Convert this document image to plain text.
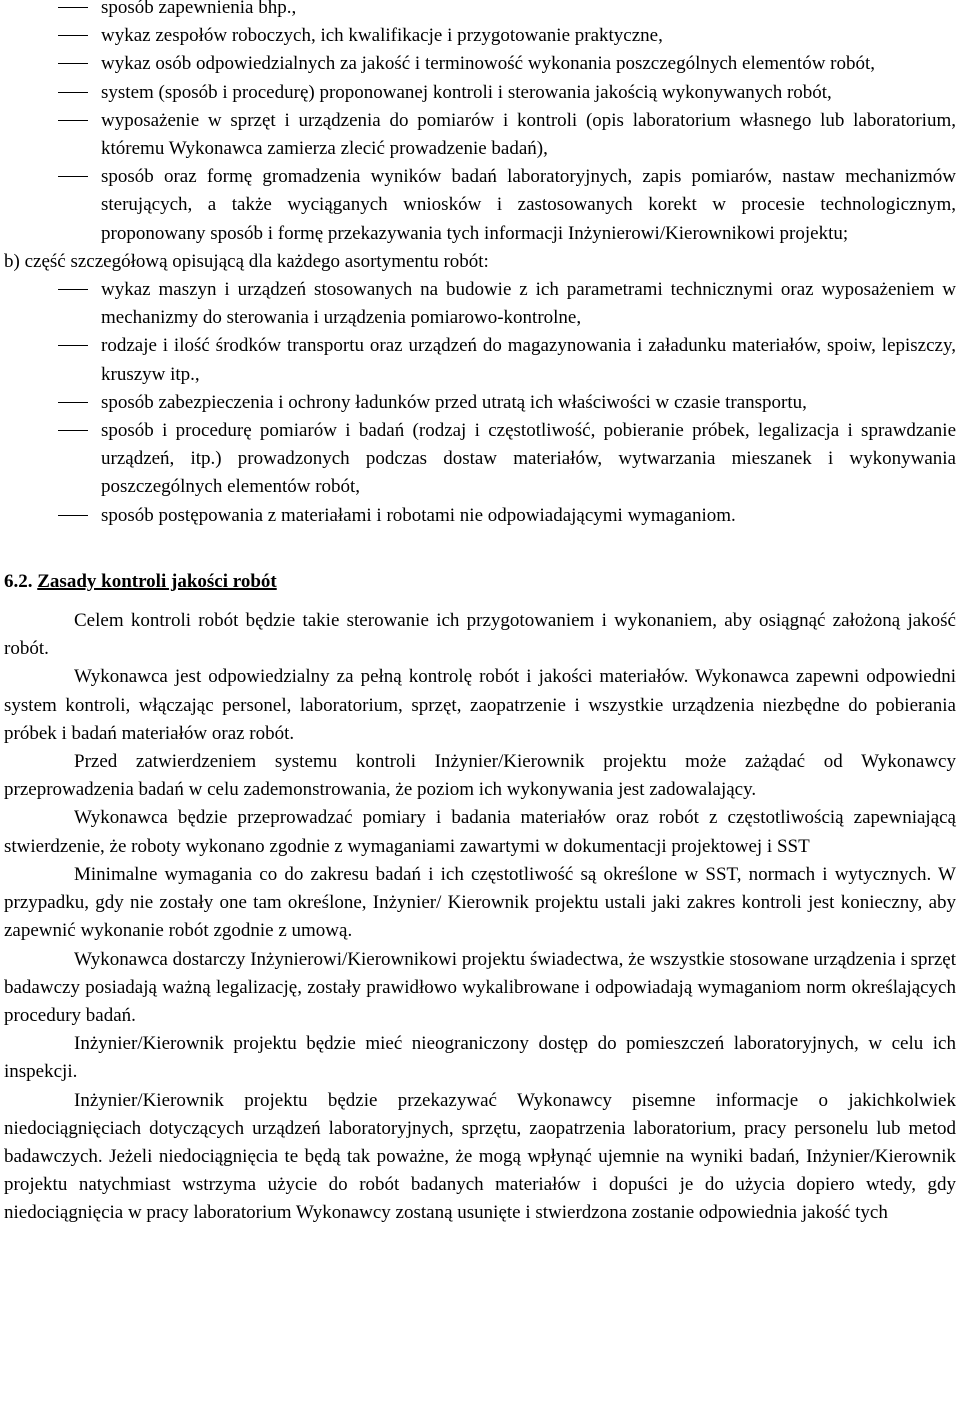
sposób zapewnienia bhp.,
wykaz zespołów roboczych, ich kwalifikacje i przygotowanie praktyczne,
wykaz osób odpowiedzialnych za jakość i terminowość wykonania poszczególnych elementów robót,
system (sposób i procedurę) proponowanej kontroli i sterowania jakością wykonywanych robót,
wyposażenie w sprzęt i urządzenia do pomiarów i kontroli (opis laboratorium własnego lub laboratorium, któremu Wykonawca zamierza zlecić prowadzenie badań),
sposób oraz formę gromadzenia wyników badań laboratoryjnych, zapis pomiarów, nastaw mechanizmów sterujących, a także wyciąganych wniosków i zastosowanych korekt w procesie technologicznym, proponowany sposób i formę przekazywania tych informacji Inżynierowi/Kierownikowi projektu;
b) część szczegółową opisującą dla każdego asortymentu robót:
wykaz maszyn i urządzeń stosowanych na budowie z ich parametrami technicznymi oraz wyposażeniem w mechanizmy do sterowania i urządzenia pomiarowo-kontrolne,
rodzaje i ilość środków transportu oraz urządzeń do magazynowania i załadunku materiałów, spoiw, lepiszczy, kruszyw itp.,
sposób zabezpieczenia i ochrony ładunków przed utratą ich właściwości w czasie transportu,
sposób i procedurę pomiarów i badań (rodzaj i częstotliwość, pobieranie próbek, legalizacja i sprawdzanie urządzeń, itp.) prowadzonych podczas dostaw materiałów, wytwarzania mieszanek i wykonywania poszczególnych elementów robót,
sposób postępowania z materiałami i robotami nie odpowiadającymi wymaganiom.
6.2. Zasady kontroli jakości robót

Celem kontroli robót będzie takie sterowanie ich przygotowaniem i wykonaniem, aby osiągnąć założoną jakość robót.

Wykonawca jest odpowiedzialny za pełną kontrolę robót i jakości materiałów. Wykonawca zapewni odpowiedni system kontroli, włączając personel, laboratorium, sprzęt, zaopatrzenie i wszystkie urządzenia niezbędne do pobierania próbek i badań materiałów oraz robót.

Przed zatwierdzeniem systemu kontroli Inżynier/Kierownik projektu może zażądać od Wykonawcy przeprowadzenia badań w celu zademonstrowania, że poziom ich wykonywania jest zadowalający.

Wykonawca będzie przeprowadzać pomiary i badania materiałów oraz robót z częstotliwością zapewniającą stwierdzenie, że roboty wykonano zgodnie z wymaganiami zawartymi w dokumentacji projektowej i SST

Minimalne wymagania co do zakresu badań i ich częstotliwość są określone w SST, normach i wytycznych. W przypadku, gdy nie zostały one tam określone, Inżynier/ Kierownik projektu ustali jaki zakres kontroli jest konieczny, aby zapewnić wykonanie robót zgodnie z umową.

Wykonawca dostarczy Inżynierowi/Kierownikowi projektu świadectwa, że wszystkie stosowane urządzenia i sprzęt badawczy posiadają ważną legalizację, zostały prawidłowo wykalibrowane i odpowiadają wymaganiom norm określających procedury badań.

Inżynier/Kierownik projektu będzie mieć nieograniczony dostęp do pomieszczeń laboratoryjnych, w celu ich inspekcji.

Inżynier/Kierownik projektu będzie przekazywać Wykonawcy pisemne informacje o jakichkolwiek niedociągnięciach dotyczących urządzeń laboratoryjnych, sprzętu, zaopatrzenia laboratorium, pracy personelu lub metod badawczych. Jeżeli niedociągnięcia te będą tak poważne, że mogą wpłynąć ujemnie na wyniki badań, Inżynier/Kierownik projektu natychmiast wstrzyma użycie do robót badanych materiałów i dopuści je do użycia dopiero wtedy, gdy niedociągnięcia w pracy laboratorium Wykonawcy zostaną usunięte i stwierdzona zostanie odpowiednia jakość tych
